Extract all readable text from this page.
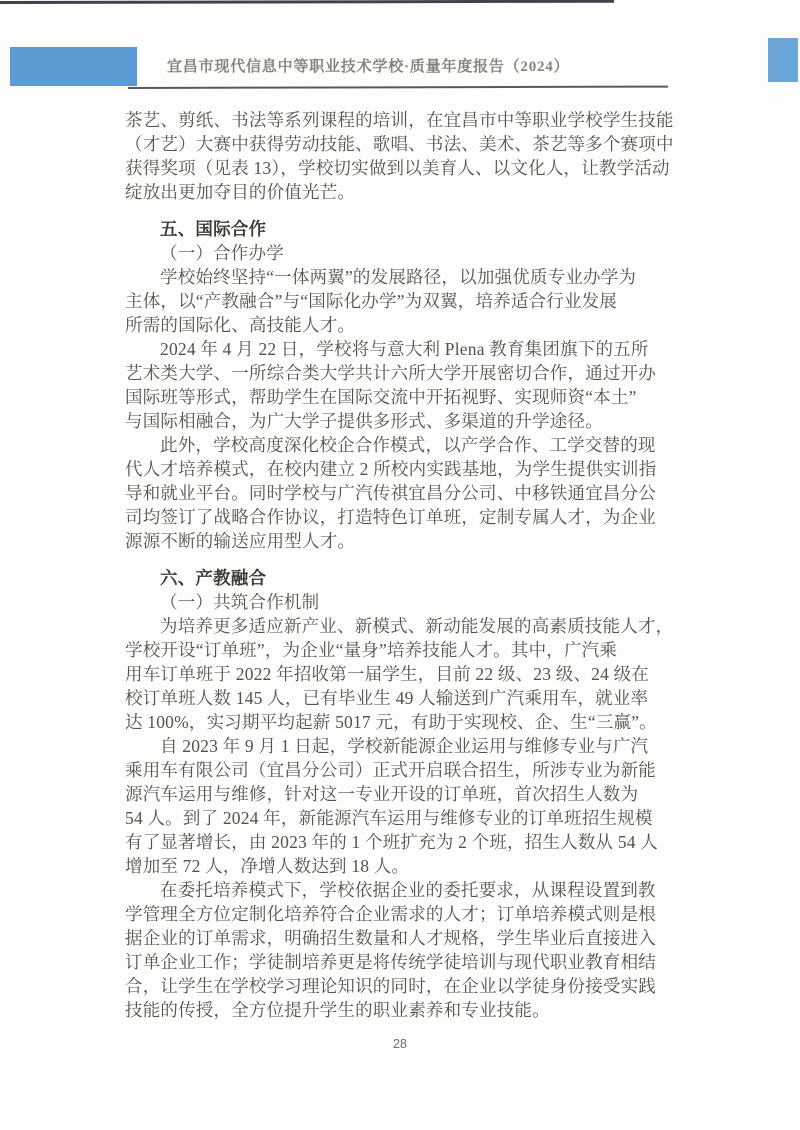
宜昌市现代信息中等职业技术学校·质量年度报告（2024）
茶艺、剪纸、书法等系列课程的培训，在宜昌市中等职业学校学生技能
（才艺）大赛中获得劳动技能、歌唱、书法、美术、茶艺等多个赛项中
获得奖项（见表 13），学校切实做到以美育人、以文化人，让教学活动
绽放出更加夺目的价值光芒。
五、国际合作
（一）合作办学
学校始终坚持“一体两翼”的发展路径，以加强优质专业办学为
主体，以“产教融合”与“国际化办学”为双翼，培养适合行业发展
所需的国际化、高技能人才。
2024 年 4 月 22 日，学校将与意大利 Plena 教育集团旗下的五所
艺术类大学、一所综合类大学共计六所大学开展密切合作，通过开办
国际班等形式，帮助学生在国际交流中开拓视野、实现师资“本土”
与国际相融合，为广大学子提供多形式、多渠道的升学途径。
此外，学校高度深化校企合作模式，以产学合作、工学交替的现
代人才培养模式，在校内建立 2 所校内实践基地，为学生提供实训指
导和就业平台。同时学校与广汽传祺宜昌分公司、中移铁通宜昌分公
司均签订了战略合作协议，打造特色订单班，定制专属人才，为企业
源源不断的输送应用型人才。
六、产教融合
（一）共筑合作机制
为培养更多适应新产业、新模式、新动能发展的高素质技能人才，
学校开设“订单班”，为企业“量身”培养技能人才。其中，广汽乘
用车订单班于 2022 年招收第一届学生，目前 22 级、23 级、24 级在
校订单班人数 145 人，已有毕业生 49 人输送到广汽乘用车，就业率
达 100%，实习期平均起薪 5017 元，有助于实现校、企、生“三赢”。
自 2023 年 9 月 1 日起，学校新能源企业运用与维修专业与广汽
乘用车有限公司（宜昌分公司）正式开启联合招生，所涉专业为新能
源汽车运用与维修，针对这一专业开设的订单班，首次招生人数为
54 人。到了 2024 年，新能源汽车运用与维修专业的订单班招生规模
有了显著增长，由 2023 年的 1 个班扩充为 2 个班，招生人数从 54 人
增加至 72 人，净增人数达到 18 人。
在委托培养模式下，学校依据企业的委托要求，从课程设置到教
学管理全方位定制化培养符合企业需求的人才；订单培养模式则是根
据企业的订单需求，明确招生数量和人才规格，学生毕业后直接进入
订单企业工作；学徒制培养更是将传统学徒培训与现代职业教育相结
合，让学生在学校学习理论知识的同时，在企业以学徒身份接受实践
技能的传授，全方位提升学生的职业素养和专业技能。
28
